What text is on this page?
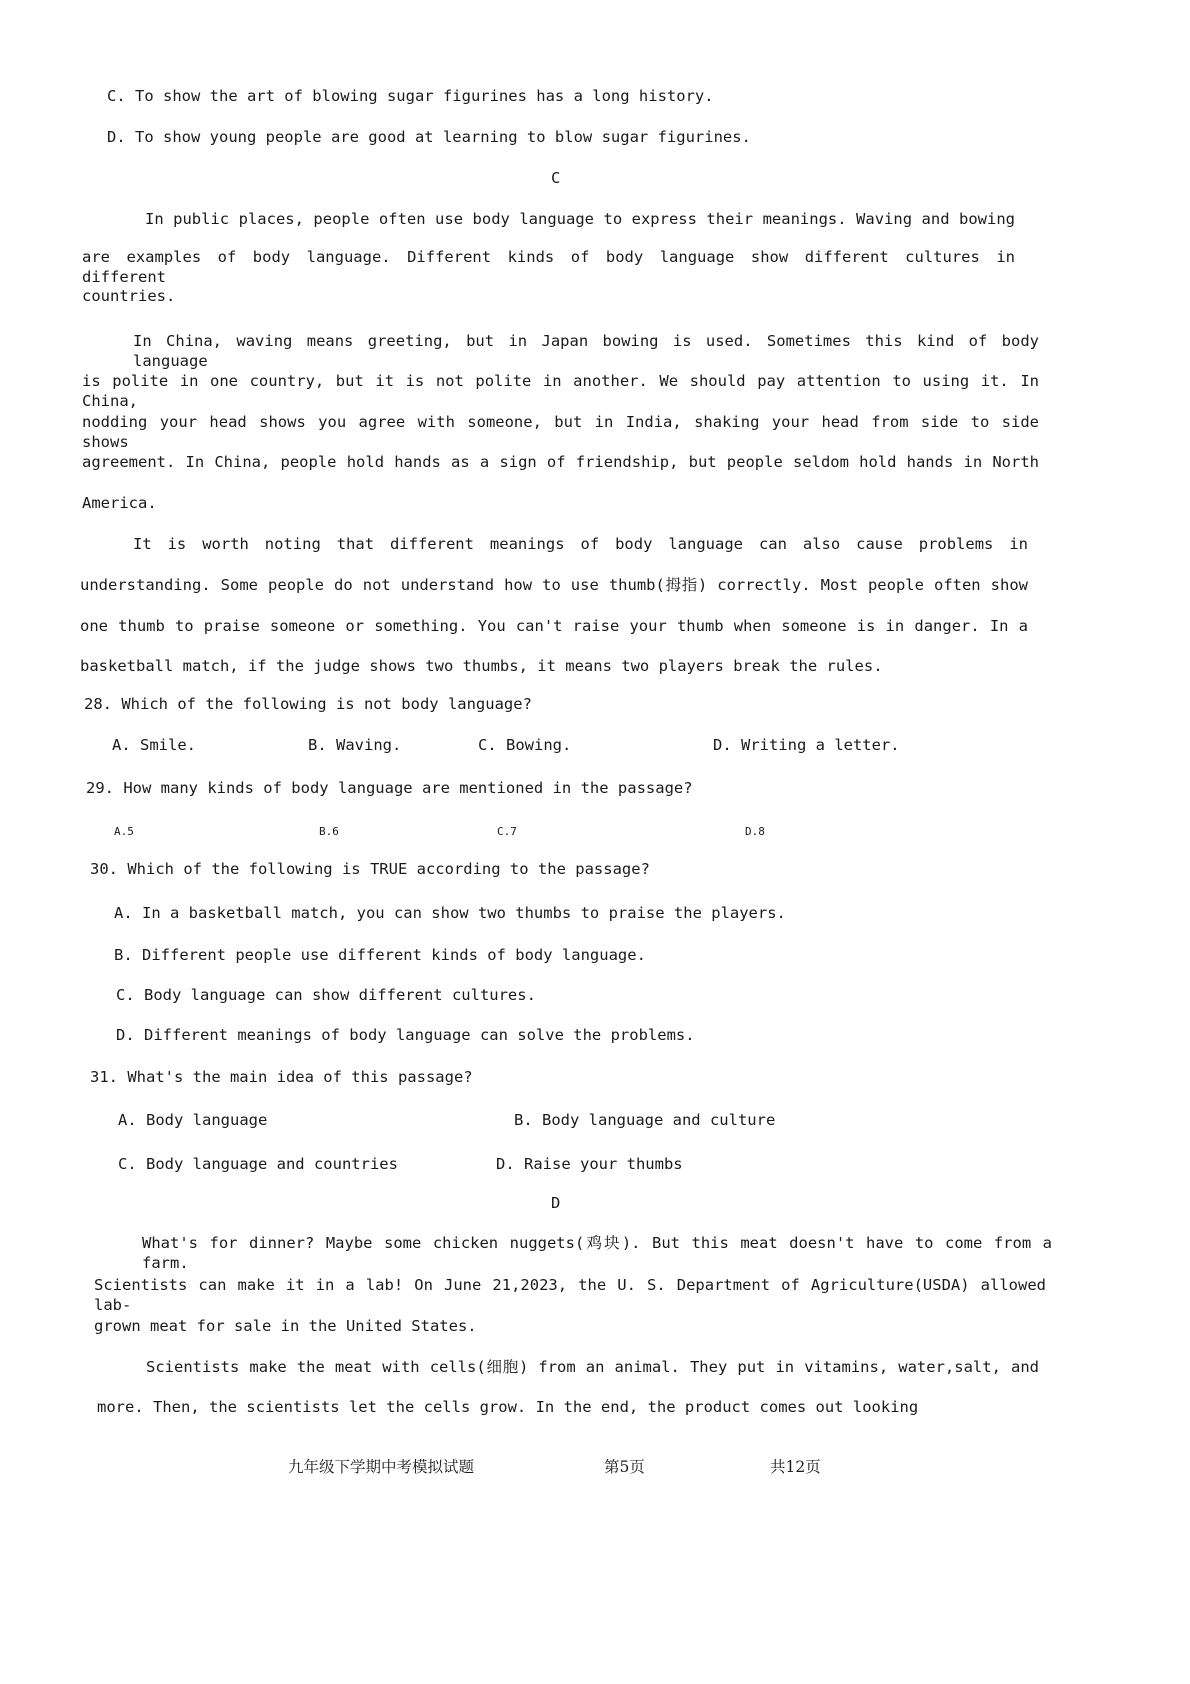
C. To show the art of blowing sugar figurines has a long history.
D. To show young people are good at learning to blow sugar figurines.
C
In public places, people often use body language to express their meanings. Waving and bowing
are examples of body language. Different kinds of body language show different cultures in different
countries.
In China, waving means greeting, but in Japan bowing is used. Sometimes this kind of body language
is polite in one country, but it is not polite in another. We should pay attention to using it. In China,
nodding your head shows you agree with someone, but in India, shaking your head from side to side shows
agreement. In China, people hold hands as a sign of friendship, but people seldom hold hands in North
America.
It is worth noting that different meanings of body language can also cause problems in
understanding. Some people do not understand how to use thumb(拇指) correctly. Most people often show
one thumb to praise someone or something. You can't raise your thumb when someone is in danger. In a
basketball match, if the judge shows two thumbs, it means two players break the rules.
28. Which of the following is not body language?
A. Smile.	B. Waving.	C. Bowing.	D. Writing a letter.
29. How many kinds of body language are mentioned in the passage?
A.5	B.6	C.7	D.8
30. Which of the following is TRUE according to the passage?
A. In a basketball match, you can show two thumbs to praise the players.
B. Different people use different kinds of body language.
C. Body language can show different cultures.
D. Different meanings of body language can solve the problems.
31. What's the main idea of this passage?
A. Body language	B. Body language and culture
C. Body language and countries	D. Raise your thumbs
D
What's for dinner? Maybe some chicken nuggets(鸡块). But this meat doesn't have to come from a farm.
Scientists can make it in a lab! On June 21,2023, the U. S. Department of Agriculture(USDA) allowed lab-
grown meat for sale in the United States.
Scientists make the meat with cells(细胞) from an animal. They put in vitamins, water,salt, and
more. Then, the scientists let the cells grow. In the end, the product comes out looking
九年级下学期中考模拟试题	第5页	共12页
